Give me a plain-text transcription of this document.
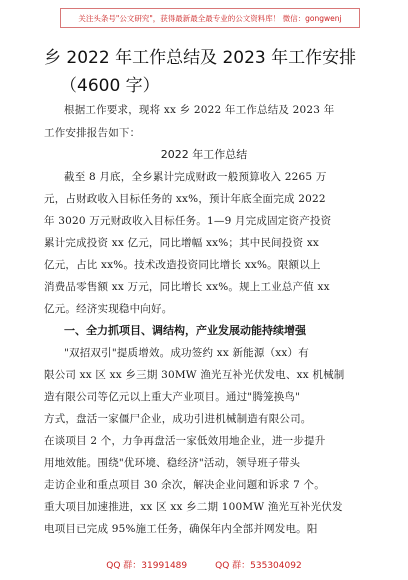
关注头条号"公文研究"，获得最新最全最专业的公文资料库！ 微信：gongwenj
乡 2022 年工作总结及 2023 年工作安排
（4600 字）
根据工作要求，现将 xx 乡 2022 年工作总结及 2023 年
工作安排报告如下：
2022 年工作总结
截至 8 月底，全乡累计完成财政一般预算收入 2265 万
元，占财政收入目标任务的 xx%，预计年底全面完成 2022
年 3020 万元财政收入目标任务。1—9 月完成固定资产投资
累计完成投资 xx 亿元，同比增幅 xx%；其中民间投资 xx
亿元，占比 xx%。技术改造投资同比增长 xx%。限额以上
消费品零售额 xx 万元，同比增长 xx%。规上工业总产值 xx
亿元。经济实现稳中向好。
一、全力抓项目、调结构，产业发展动能持续增强
"双招双引"提质增效。成功签约 xx 新能源（xx）有
限公司 xx 区 xx 乡三期 30MW 渔光互补光伏发电、xx 机械制
造有限公司等亿元以上重大产业项目。通过"腾笼换鸟"
方式，盘活一家僵尸企业，成功引进机械制造有限公司。
在谈项目 2 个，力争再盘活一家低效用地企业，进一步提升
用地效能。围绕"优环境、稳经济"活动，领导班子带头
走访企业和重点项目 30 余次，解决企业问题和诉求 7 个。
重大项目加速推进，xx 区 xx 乡二期 100MW 渔光互补光伏发
电项目已完成 95%施工任务，确保年内全部并网发电。阳
QQ 群：31991489	QQ 群：535304092
